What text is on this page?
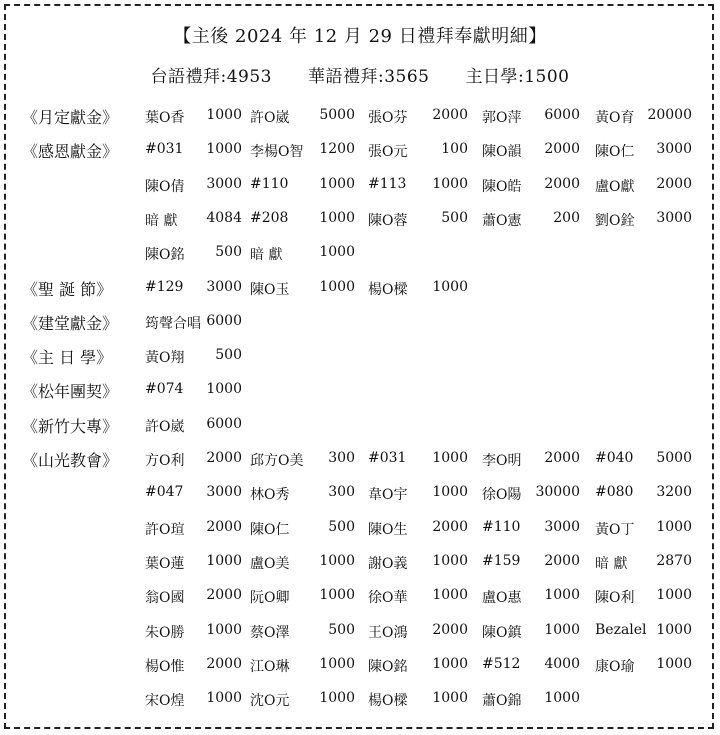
【主後 2024 年 12 月 29 日禮拜奉獻明細】
台語禮拜:4953 華語禮拜:3565 主日學:1500
《月定獻金》 葉O香 1000 許O崴 5000 張O芬 2000 郭O萍 6000 黃O育 20000
《感恩獻金》 #031 1000 李楊O智 1200 張O元 100 陳O韻 2000 陳O仁 3000
陳O倩 3000 #110 1000 #113 1000 陳O皓 2000 盧O獻 2000
暗 獻 4084 #208 1000 陳O蓉 500 蕭O憲 200 劉O銓 3000
陳O銘 500 暗 獻	1000
《聖 誕 節》 #129 3000 陳O玉 1000 楊O樑 1000
《建堂獻金》 筠聲合唱 6000
《主 日 學》 黃O翔 500
《松年團契》 #074 1000
《新竹大專》 許O崴 6000
《山光教會》 方O利 2000 邱方O美 300 #031 1000 李O明 2000 #040 5000
#047 3000 林O秀	300 韋O宇 1000 徐O陽 30000 #080 3200
許O瑄 2000 陳O仁	500 陳O生 2000 #110 3000 黃O丁 1000
葉O蓮 1000 盧O美 1000 謝O義 1000 #159 2000 暗 獻 2870
翁O國 2000 阮O卿 1000 徐O華 1000 盧O惠 1000 陳O利 1000
朱O勝 1000 蔡O澤	500 王O鴻 2000 陳O鎮 1000 Bezalel 1000
楊O惟 2000 江O琳 1000 陳O銘 1000 #512 4000 康O瑜 1000
宋O煌 1000 沈O元 1000 楊O樑 1000 蕭O錦 1000
